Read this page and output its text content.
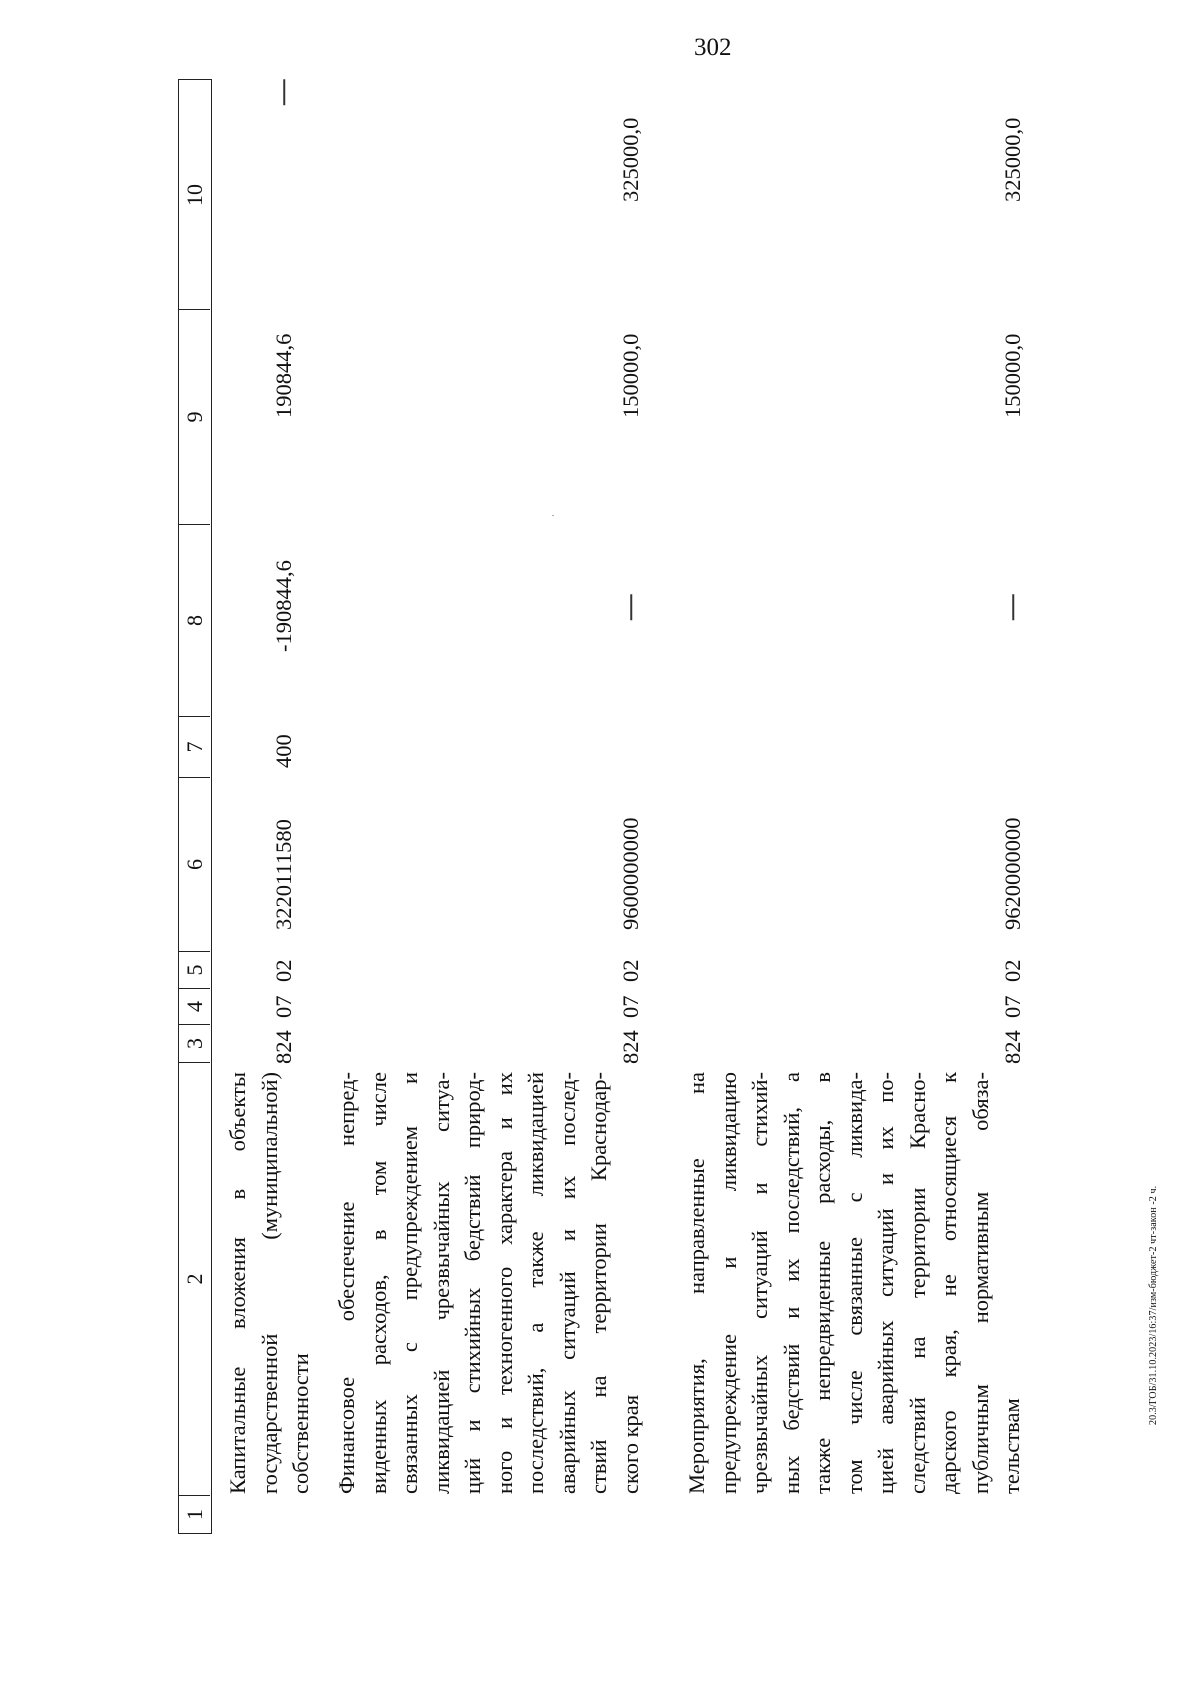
302
1
2
3
4
5
6
7
8
9
10
Капитальные вложения в объекты государственной (муниципальной) собственности
824
07
02
3220111580
400
-190844,6
190844,6
Финансовое обеспечение непред- виденных расходов, в том числе связанных с предупреждением и ликвидацией чрезвычайных ситуа- ций и стихийных бедствий природ- ного и техногенного характера и их последствий, а также ликвидацией аварийных ситуаций и их послед- ствий на территории Краснодар- ского края
824
07
02
9600000000
150000,0
325000,0
Мероприятия, направленные на предупреждение и ликвидацию чрезвычайных ситуаций и стихий- ных бедствий и их последствий, а также непредвиденные расходы, в том числе связанные с ликвида- цией аварийных ситуаций и их по- следствий на территории Красно- дарского края, не относящиеся к публичным нормативным обяза- тельствам
824
07
02
9620000000
150000,0
325000,0
20.3/ГОБ/31.10.2023/16:37/изм-бюджет-2 чт-закон -2 ч.
